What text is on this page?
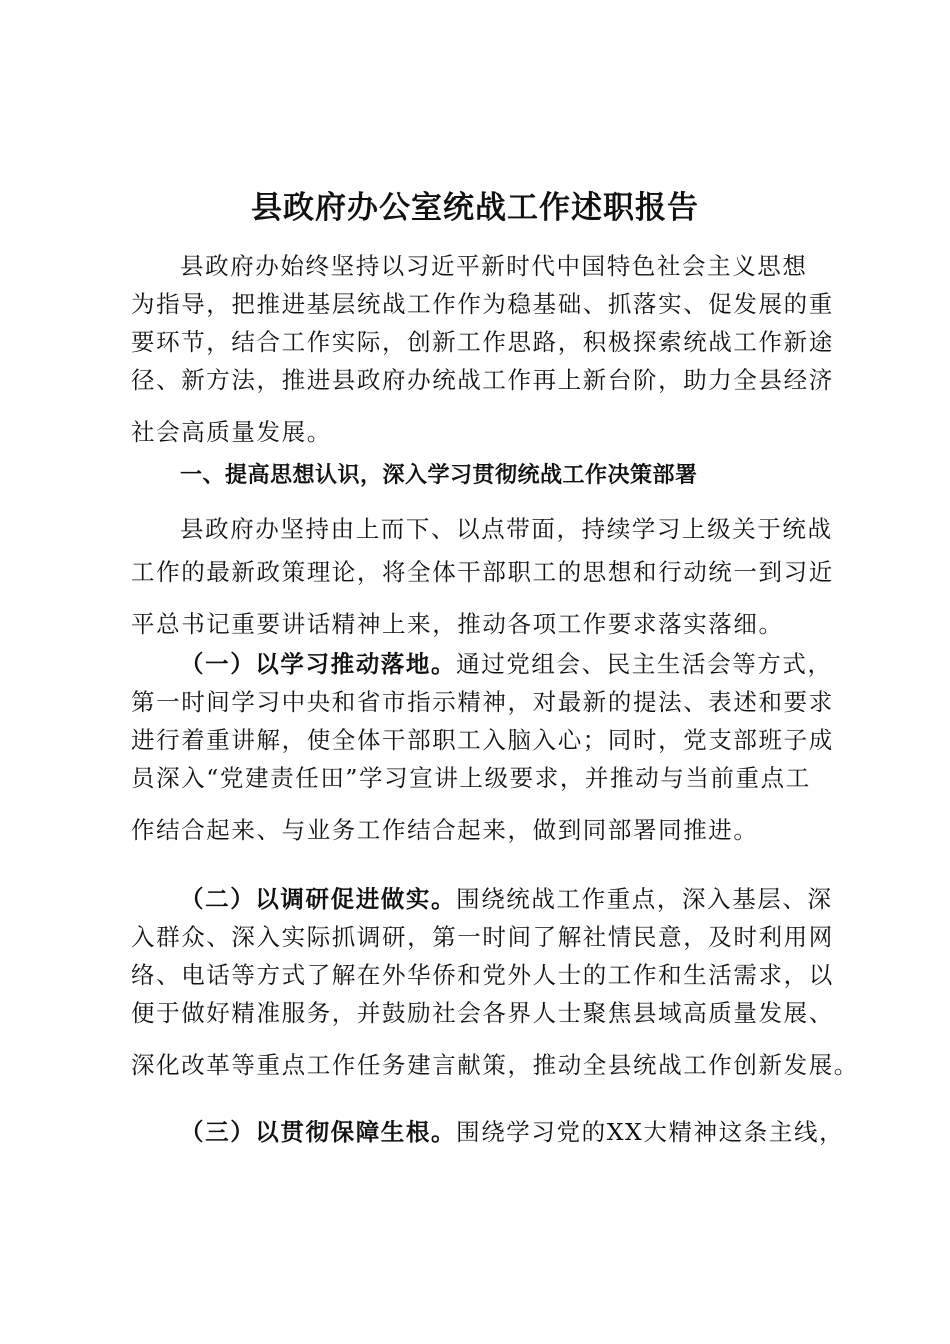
县政府办公室统战工作述职报告
县政府办始终坚持以习近平新时代中国特色社会主义思想
为指导，把推进基层统战工作作为稳基础、抓落实、促发展的重
要环节，结合工作实际，创新工作思路，积极探索统战工作新途
径、新方法，推进县政府办统战工作再上新台阶，助力全县经济
社会高质量发展。
一、提高思想认识，深入学习贯彻统战工作决策部署
县政府办坚持由上而下、以点带面，持续学习上级关于统战
工作的最新政策理论，将全体干部职工的思想和行动统一到习近
平总书记重要讲话精神上来，推动各项工作要求落实落细。
（一）以学习推动落地。通过党组会、民主生活会等方式，
第一时间学习中央和省市指示精神，对最新的提法、表述和要求
进行着重讲解，使全体干部职工入脑入心；同时，党支部班子成
员深入“党建责任田”学习宣讲上级要求，并推动与当前重点工
作结合起来、与业务工作结合起来，做到同部署同推进。
（二）以调研促进做实。围绕统战工作重点，深入基层、深
入群众、深入实际抓调研，第一时间了解社情民意，及时利用网
络、电话等方式了解在外华侨和党外人士的工作和生活需求，以
便于做好精准服务，并鼓励社会各界人士聚焦县域高质量发展、
深化改革等重点工作任务建言献策，推动全县统战工作创新发展。
（三）以贯彻保障生根。围绕学习党的XX大精神这条主线，
